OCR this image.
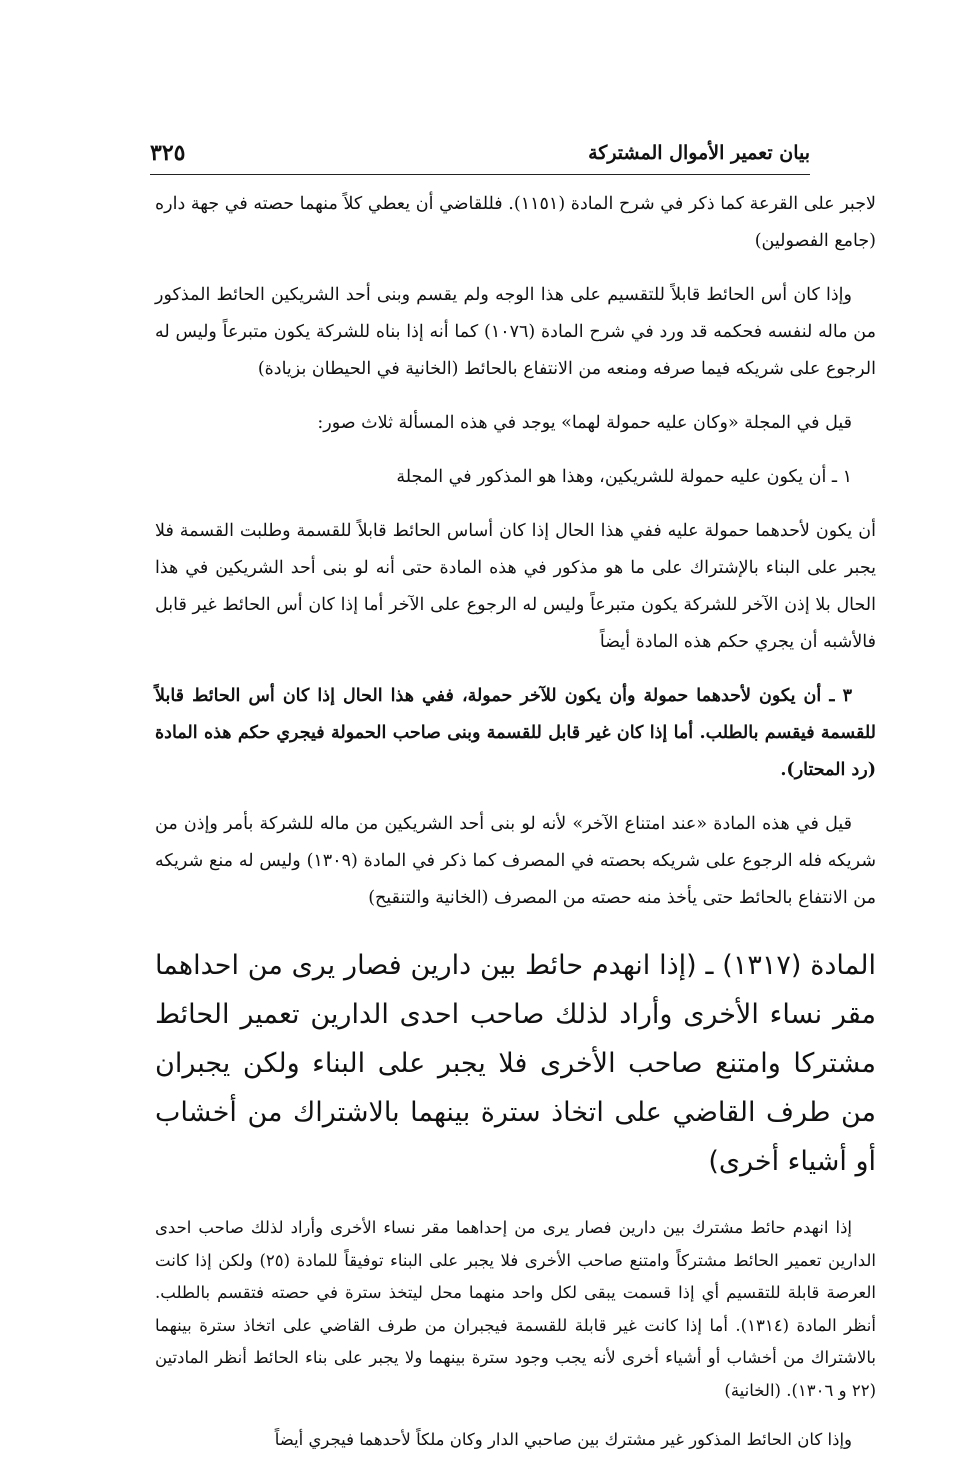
٣٢٥	بيان تعمير الأموال المشتركة

لاجبر على القرعة كما ذكر في شرح المادة (١١٥١). فللقاضي أن يعطي كلاً منهما حصته في جهة داره (جامع الفصولين)

وإذا كان أس الحائط قابلاً للتقسيم على هذا الوجه ولم يقسم وبنى أحد الشريكين الحائط المذكور من ماله لنفسه فحكمه قد ورد في شرح المادة (١٠٧٦) كما أنه إذا بناه للشركة يكون متبرعاً وليس له الرجوع على شريكه فيما صرفه ومنعه من الانتفاع بالحائط (الخانية في الحيطان بزيادة)

قيل في المجلة «وكان عليه حمولة لهما» يوجد في هذه المسألة ثلاث صور:

١ ـ أن يكون عليه حمولة للشريكين، وهذا هو المذكور في المجلة

أن يكون لأحدهما حمولة عليه ففي هذا الحال إذا كان أساس الحائط قابلاً للقسمة وطلبت القسمة فلا يجبر على البناء بالإشتراك على ما هو مذكور في هذه المادة حتى أنه لو بنى أحد الشريكين في هذا الحال بلا إذن الآخر للشركة يكون متبرعاً وليس له الرجوع على الآخر أما إذا كان أس الحائط غير قابل فالأشبه أن يجري حكم هذه المادة أيضاً

٣ ـ أن يكون لأحدهما حمولة وأن يكون للآخر حمولة، ففي هذا الحال إذا كان أس الحائط قابلاً للقسمة فيقسم بالطلب. أما إذا كان غير قابل للقسمة وبنى صاحب الحمولة فيجري حكم هذه المادة (رد المحتار).

قيل في هذه المادة «عند امتناع الآخر» لأنه لو بنى أحد الشريكين من ماله للشركة بأمر وإذن من شريكه فله الرجوع على شريكه بحصته في المصرف كما ذكر في المادة (١٣٠٩) وليس له منع شريكه من الانتفاع بالحائط حتى يأخذ منه حصته من المصرف (الخانية والتنقيح)

المادة (١٣١٧) ـ (إذا انهدم حائط بين دارين فصار يرى من احداهما مقر نساء الأخرى وأراد لذلك صاحب احدى الدارين تعمير الحائط مشتركا وامتنع صاحب الأخرى فلا يجبر على البناء ولكن يجبران من طرف القاضي على اتخاذ سترة بينهما بالاشتراك من أخشاب أو أشياء أخرى)

إذا انهدم حائط مشترك بين دارين فصار يرى من إحداهما مقر نساء الأخرى وأراد لذلك صاحب احدى الدارين تعمير الحائط مشتركاً وامتنع صاحب الأخرى فلا يجبر على البناء توفيقاً للمادة (٢٥) ولكن إذا كانت العرصة قابلة للتقسيم أي إذا قسمت يبقى لكل واحد منهما محل ليتخذ سترة في حصته فتقسم بالطلب. أنظر المادة (١٣١٤). أما إذا كانت غير قابلة للقسمة فيجبران من طرف القاضي على اتخاذ سترة بينهما بالاشتراك من أخشاب أو أشياء أخرى لأنه يجب وجود سترة بينهما ولا يجبر على بناء الحائط أنظر المادتين (٢٢ و ١٣٠٦). (الخانية)

وإذا كان الحائط المذكور غير مشترك بين صاحبي الدار وكان ملكاً لأحدهما فيجري أيضاً
